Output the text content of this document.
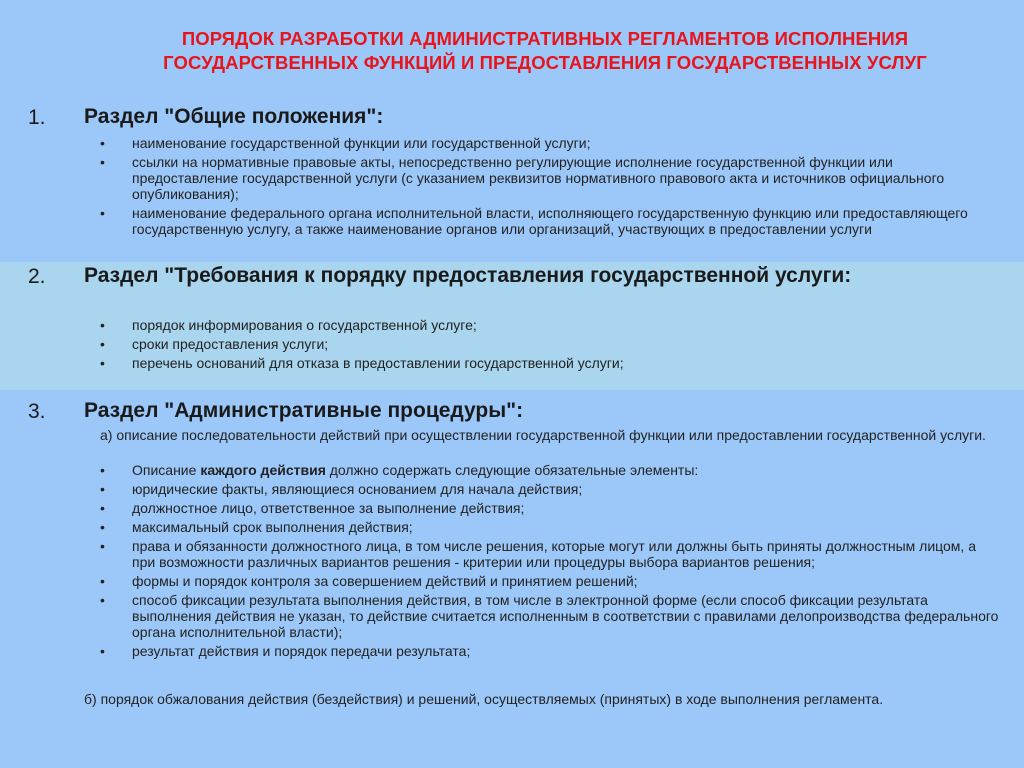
ПОРЯДОК РАЗРАБОТКИ АДМИНИСТРАТИВНЫХ РЕГЛАМЕНТОВ ИСПОЛНЕНИЯ
ГОСУДАРСТВЕННЫХ ФУНКЦИЙ И ПРЕДОСТАВЛЕНИЯ ГОСУДАРСТВЕННЫХ УСЛУГ
1. Раздел "Общие положения":
• наименование государственной функции или государственной услуги;
• ссылки на нормативные правовые акты, непосредственно регулирующие исполнение государственной функции или предоставление государственной услуги (с указанием реквизитов нормативного правового акта и источников официального опубликования);
• наименование федерального органа исполнительной власти, исполняющего государственную функцию или предоставляющего государственную услугу, а также наименование органов или организаций, участвующих в предоставлении услуги
2. Раздел "Требования к порядку предоставления государственной услуги:
• порядок информирования о государственной услуге;
• сроки предоставления услуги;
• перечень оснований для отказа в предоставлении государственной услуги;
3. Раздел "Административные процедуры":
а) описание последовательности действий при осуществлении государственной функции или предоставлении государственной услуги.
• Описание каждого действия должно содержать следующие обязательные элементы:
• юридические факты, являющиеся основанием для начала действия;
• должностное лицо, ответственное за выполнение действия;
• максимальный срок выполнения действия;
• права и обязанности должностного лица, в том числе решения, которые могут или должны быть приняты должностным лицом, а при возможности различных вариантов решения - критерии или процедуры выбора вариантов решения;
• формы и порядок контроля за совершением действий и принятием решений;
• способ фиксации результата выполнения действия, в том числе в электронной форме (если способ фиксации результата выполнения действия не указан, то действие считается исполненным в соответствии с правилами делопроизводства федерального органа исполнительной власти);
• результат действия и порядок передачи результата;
б) порядок обжалования действия (бездействия) и решений, осуществляемых (принятых) в ходе выполнения регламента.
